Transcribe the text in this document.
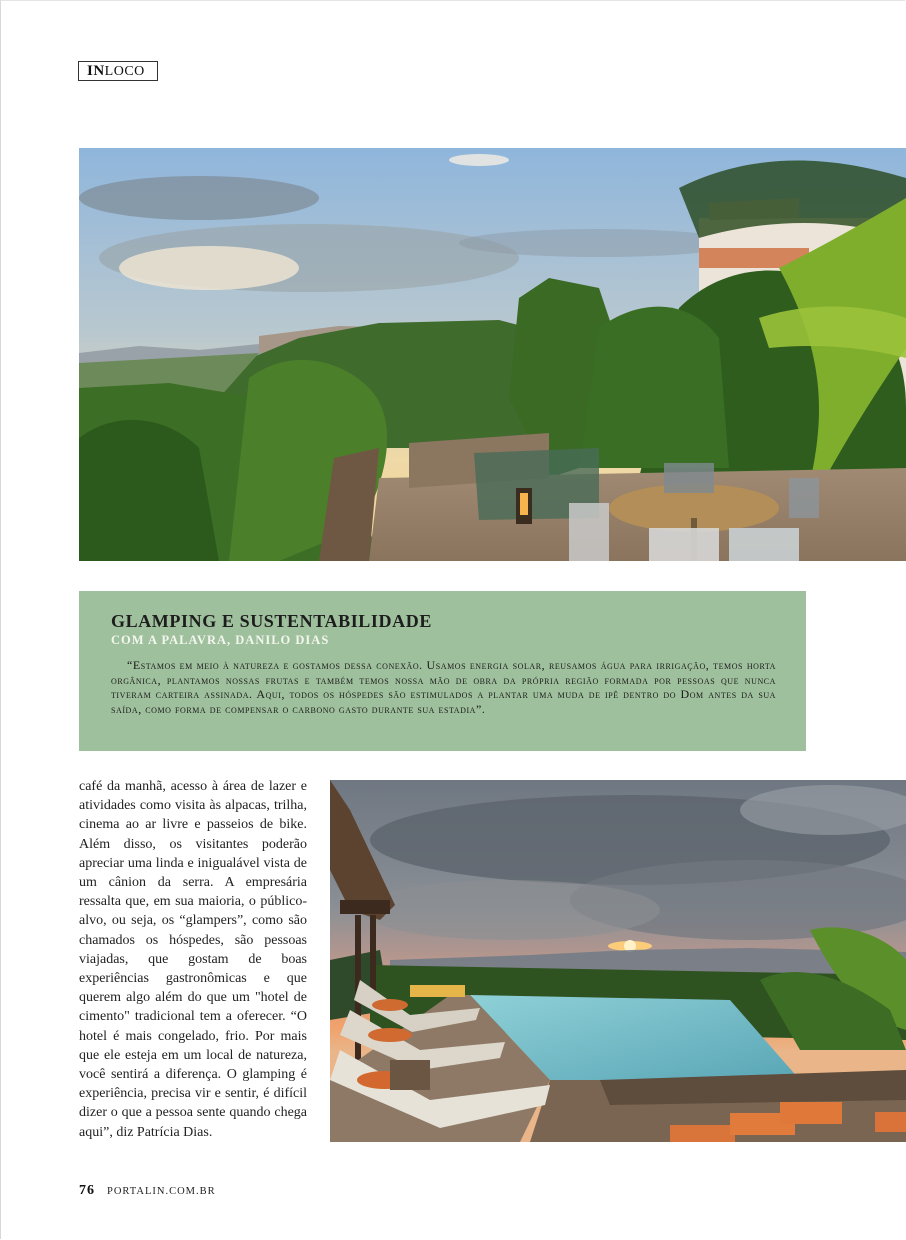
INLOCO

GLAMPING E SUSTENTABILIDADE

COM A PALAVRA, DANILO DIAS

“Estamos em meio à natureza e gostamos dessa conexão. Usamos energia solar, reusamos água para irrigação, temos horta orgânica, plantamos nossas frutas e também temos nossa mão de obra da própria região formada por pessoas que nunca tiveram carteira assinada. Aqui, todos os hóspedes são estimulados a plantar uma muda de ipê dentro do Dom antes da sua saída, como forma de compensar o carbono gasto durante sua estadia”.

café da manhã, acesso à área de lazer e atividades como visita às alpacas, trilha, cinema ao ar livre e passeios de bike. Além disso, os visitantes poderão apreciar uma linda e inigualável vista de um cânion da serra. A empresária ressalta que, em sua maioria, o público-alvo, ou seja, os “glampers”, como são chamados os hóspedes, são pessoas viajadas, que gostam de boas experiências gastronômicas e que querem algo além do que um "hotel de cimento" tradicional tem a oferecer. “O hotel é mais congelado, frio. Por mais que ele esteja em um local de natureza, você sentirá a diferença. O glamping é experiência, precisa vir e sentir, é difícil dizer o que a pessoa sente quando chega aqui”, diz Patrícia Dias.

76 PORTALIN.COM.BR
